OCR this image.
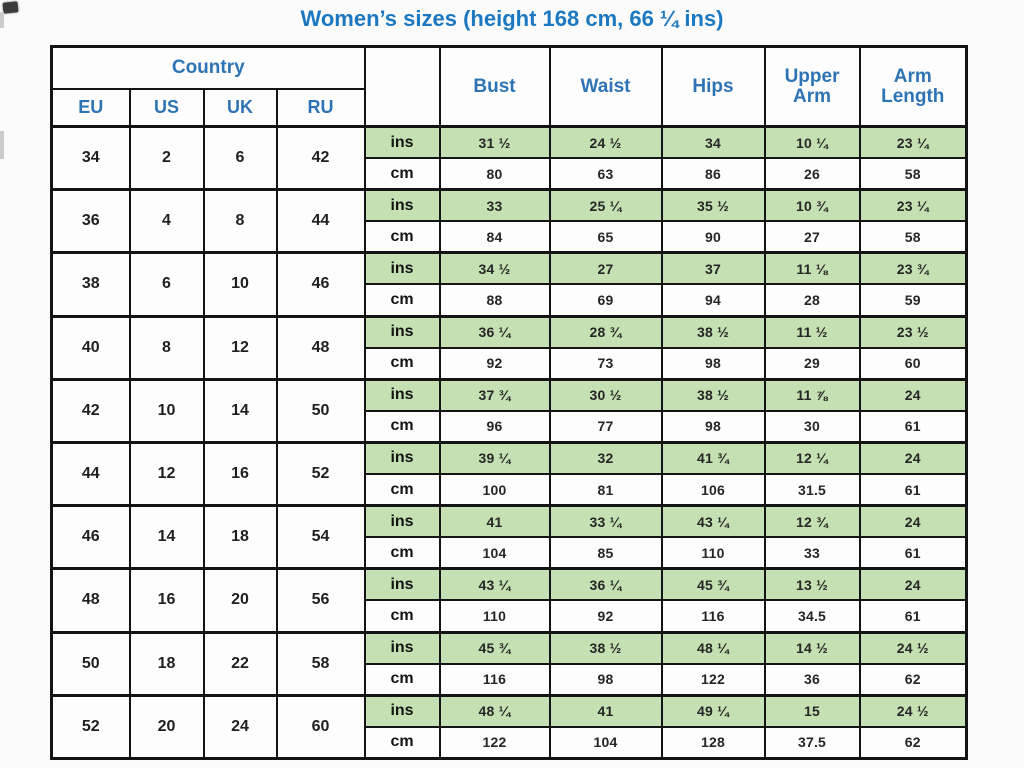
Women’s sizes (height 168 cm, 66 ¼ ins)
Country					Bust	Waist	Hips	Upper Arm	Arm Length
EU	US	UK	RU						
34	2	6	42	ins	31 ½	24 ½	34	10 ¼	23 ¼
				cm	80	63	86	26	58
36	4	8	44	ins	33	25 ¼	35 ½	10 ¾	23 ¼
				cm	84	65	90	27	58
38	6	10	46	ins	34 ½	27	37	11 ⅛	23 ¾
				cm	88	69	94	28	59
40	8	12	48	ins	36 ¼	28 ¾	38 ½	11 ½	23 ½
				cm	92	73	98	29	60
42	10	14	50	ins	37 ¾	30 ½	38 ½	11 ⅞	24
				cm	96	77	98	30	61
44	12	16	52	ins	39 ¼	32	41 ¾	12 ¼	24
				cm	100	81	106	31.5	61
46	14	18	54	ins	41	33 ¼	43 ¼	12 ¾	24
				cm	104	85	110	33	61
48	16	20	56	ins	43 ¼	36 ¼	45 ¾	13 ½	24
				cm	110	92	116	34.5	61
50	18	22	58	ins	45 ¾	38 ½	48 ¼	14 ½	24 ½
				cm	116	98	122	36	62
52	20	24	60	ins	48 ¼	41	49 ¼	15	24 ½
				cm	122	104	128	37.5	62
